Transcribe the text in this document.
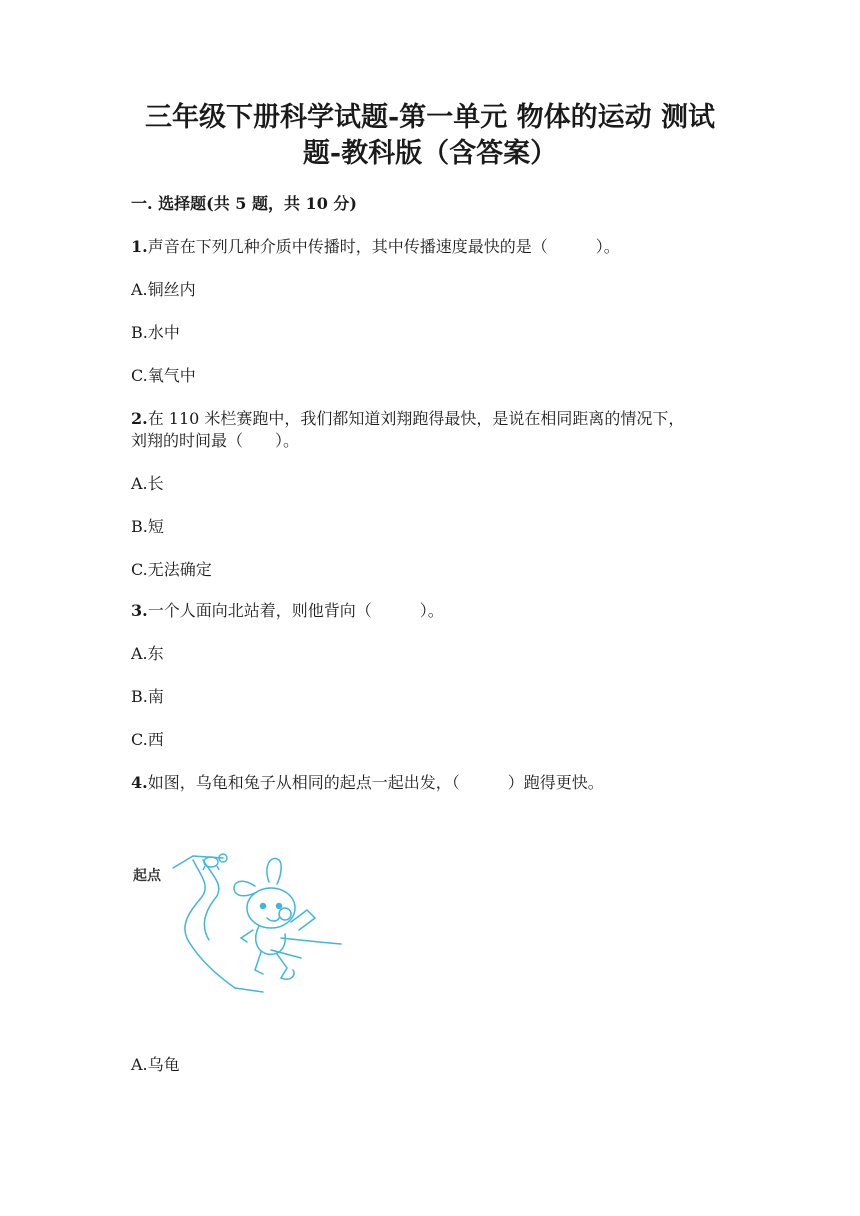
三年级下册科学试题-第一单元 物体的运动 测试
题-教科版（含答案）

一. 选择题(共 5 题，共 10 分)

1.声音在下列几种介质中传播时，其中传播速度最快的是（　　　）。

A.铜丝内

B.水中

C.氧气中

2.在 110 米栏赛跑中，我们都知道刘翔跑得最快，是说在相同距离的情况下，

刘翔的时间最（　　）。

A.长

B.短

C.无法确定

3.一个人面向北站着，则他背向（　　　）。

A.东

B.南

C.西

4.如图，乌龟和兔子从相同的起点一起出发，（　　　）跑得更快。

起点

A.乌龟
